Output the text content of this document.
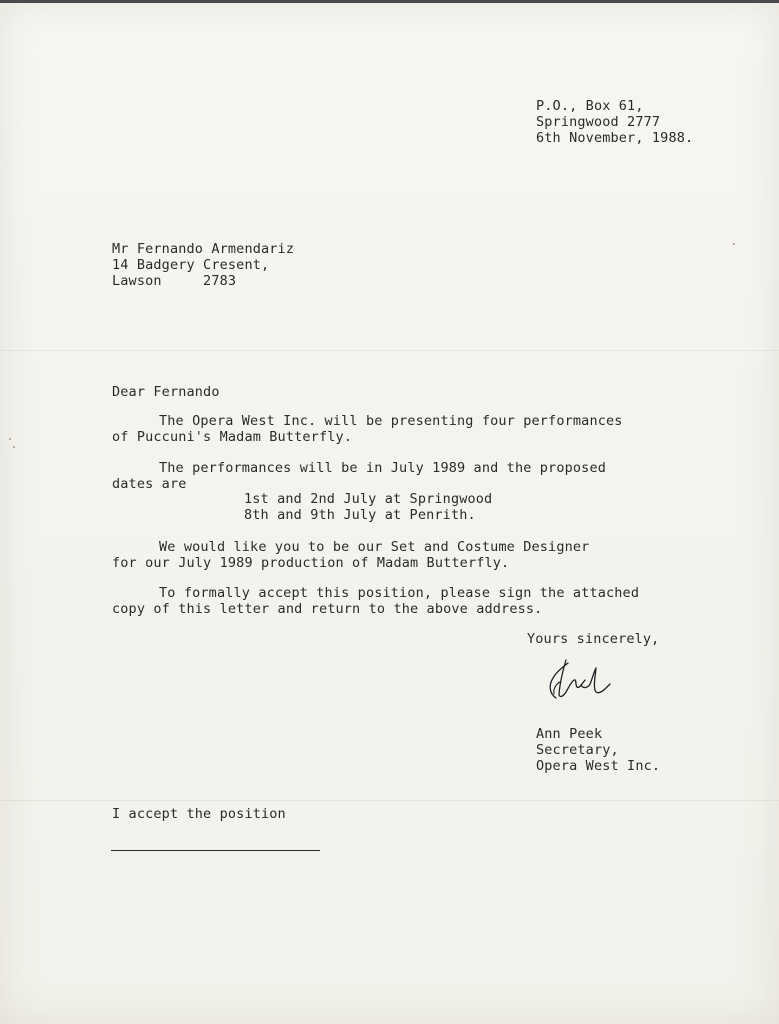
P.O., Box 61,
Springwood 2777
6th November, 1988.
Mr Fernando Armendariz
14 Badgery Cresent,
Lawson     2783
Dear Fernando
The Opera West Inc. will be presenting four performances
of Puccuni's Madam Butterfly.
The performances will be in July 1989 and the proposed
dates are
1st and 2nd July at Springwood
8th and 9th July at Penrith.
We would like you to be our Set and Costume Designer
for our July 1989 production of Madam Butterfly.
To formally accept this position, please sign the attached
copy of this letter and return to the above address.
Yours sincerely,
Ann Peek
Secretary,
Opera West Inc.
I accept the position
